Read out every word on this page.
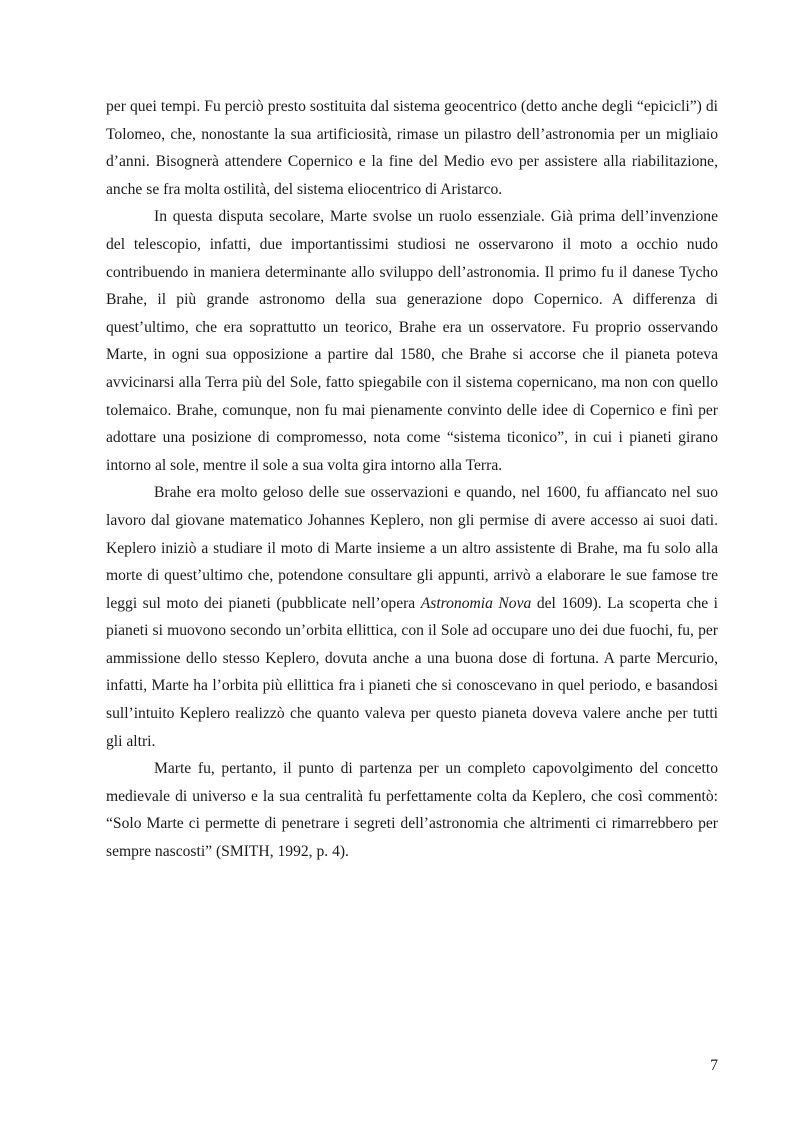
per quei tempi. Fu perciò presto sostituita dal sistema geocentrico (detto anche degli “epicicli”) di Tolomeo, che, nonostante la sua artificiosità, rimase un pilastro dell’astronomia per un migliaio d’anni. Bisognerà attendere Copernico e la fine del Medio evo per assistere alla riabilitazione, anche se fra molta ostilità, del sistema eliocentrico di Aristarco.

In questa disputa secolare, Marte svolse un ruolo essenziale. Già prima dell’invenzione del telescopio, infatti, due importantissimi studiosi ne osservarono il moto a occhio nudo contribuendo in maniera determinante allo sviluppo dell’astronomia. Il primo fu il danese Tycho Brahe, il più grande astronomo della sua generazione dopo Copernico. A differenza di quest’ultimo, che era soprattutto un teorico, Brahe era un osservatore. Fu proprio osservando Marte, in ogni sua opposizione a partire dal 1580, che Brahe si accorse che il pianeta poteva avvicinarsi alla Terra più del Sole, fatto spiegabile con il sistema copernicano, ma non con quello tolemaico. Brahe, comunque, non fu mai pienamente convinto delle idee di Copernico e finì per adottare una posizione di compromesso, nota come “sistema ticonico”, in cui i pianeti girano intorno al sole, mentre il sole a sua volta gira intorno alla Terra.

Brahe era molto geloso delle sue osservazioni e quando, nel 1600, fu affiancato nel suo lavoro dal giovane matematico Johannes Keplero, non gli permise di avere accesso ai suoi dati. Keplero iniziò a studiare il moto di Marte insieme a un altro assistente di Brahe, ma fu solo alla morte di quest’ultimo che, potendone consultare gli appunti, arrivò a elaborare le sue famose tre leggi sul moto dei pianeti (pubblicate nell’opera Astronomia Nova del 1609). La scoperta che i pianeti si muovono secondo un’orbita ellittica, con il Sole ad occupare uno dei due fuochi, fu, per ammissione dello stesso Keplero, dovuta anche a una buona dose di fortuna. A parte Mercurio, infatti, Marte ha l’orbita più ellittica fra i pianeti che si conoscevano in quel periodo, e basandosi sull’intuito Keplero realizzò che quanto valeva per questo pianeta doveva valere anche per tutti gli altri.

Marte fu, pertanto, il punto di partenza per un completo capovolgimento del concetto medievale di universo e la sua centralità fu perfettamente colta da Keplero, che così commentò: “Solo Marte ci permette di penetrare i segreti dell’astronomia che altrimenti ci rimarrebbero per sempre nascosti” (SMITH, 1992, p. 4).

7
